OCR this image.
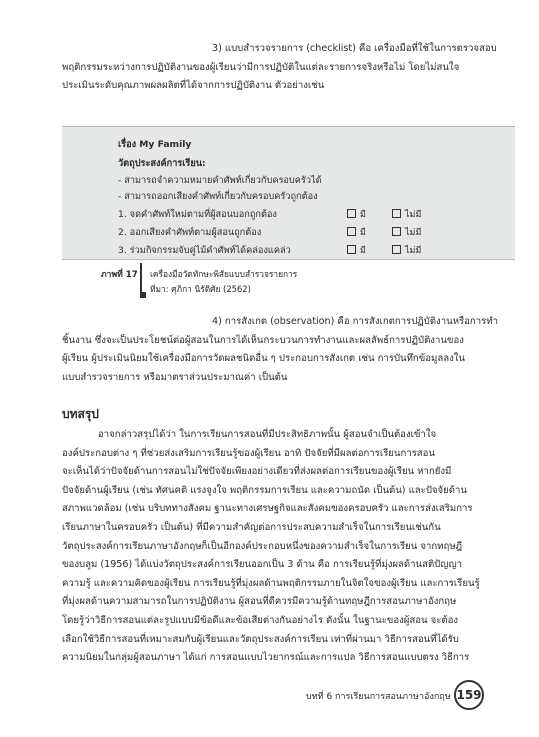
3) แบบสำรวจรายการ (checklist) คือ เครื่องมือที่ใช้ในการตรวจสอบ
พฤติกรรมระหว่างการปฏิบัติงานของผู้เรียนว่ามีการปฏิบัติในแต่ละรายการจริงหรือไม่ โดยไม่สนใจ
ประเมินระดับคุณภาพผลผลิตที่ได้จากการปฏิบัติงาน ตัวอย่างเช่น
เรื่อง My Family
วัตถุประสงค์การเรียน:
- สามารถจำความหมายคำศัพท์เกี่ยวกับครอบครัวได้
- สามารถออกเสียงคำศัพท์เกี่ยวกับครอบครัวถูกต้อง
1. จดคำศัพท์ใหม่ตามที่ผู้สอนบอกถูกต้อง	มี	ไม่มี
2. ออกเสียงคำศัพท์ตามผู้สอนถูกต้อง	มี	ไม่มี
3. ร่วมกิจกรรมจับคู่ไม้คำศัพท์ได้คล่องแคล่ว	มี	ไม่มี
ภาพที่ 17 เครื่องมือวัดทักษะพิสัยแบบสำรวจรายการ
ที่มา: ศุภิกา นิรัติศัย (2562)
4) การสังเกต (observation) คือ การสังเกตการปฏิบัติงานหรือการทำ
ชิ้นงาน ซึ่งจะเป็นประโยชน์ต่อผู้สอนในการได้เห็นกระบวนการทำงานและผลลัพธ์การปฏิบัติงานของ
ผู้เรียน ผู้ประเมินนิยมใช้เครื่องมือการวัดผลชนิดอื่น ๆ ประกอบการสังเกต เช่น การบันทึกข้อมูลลงใน
แบบสำรวจรายการ หรือมาตราส่วนประมาณค่า เป็นต้น
บทสรุป
อาจกล่าวสรุปได้ว่า ในการเรียนการสอนที่มีประสิทธิภาพนั้น ผู้สอนจำเป็นต้องเข้าใจ
องค์ประกอบต่าง ๆ ที่ช่วยส่งเสริมการเรียนรู้ของผู้เรียน อาทิ ปัจจัยที่มีผลต่อการเรียนการสอน
จะเห็นได้ว่าปัจจัยด้านการสอนไม่ใช่ปัจจัยเพียงอย่างเดียวที่ส่งผลต่อการเรียนของผู้เรียน หากยังมี
ปัจจัยด้านผู้เรียน (เช่น ทัศนคติ แรงจูงใจ พฤติกรรมการเรียน และความถนัด เป็นต้น) และปัจจัยด้าน
สภาพแวดล้อม (เช่น บริบททางสังคม ฐานะทางเศรษฐกิจและสังคมของครอบครัว และการส่งเสริมการ
เรียนภาษาในครอบครัว เป็นต้น) ที่มีความสำคัญต่อการประสบความสำเร็จในการเรียนเช่นกัน
วัตถุประสงค์การเรียนภาษาอังกฤษก็เป็นอีกองค์ประกอบหนึ่งของความสำเร็จในการเรียน จากทฤษฎี
ของบลูม (1956) ได้แบ่งวัตถุประสงค์การเรียนออกเป็น 3 ด้าน คือ การเรียนรู้ที่มุ่งผลด้านสติปัญญา
ความรู้ และความคิดของผู้เรียน การเรียนรู้ที่มุ่งผลด้านพฤติกรรมภายในจิตใจของผู้เรียน และการเรียนรู้
ที่มุ่งผลด้านความสามารถในการปฏิบัติงาน ผู้สอนที่ดีควรมีความรู้ด้านทฤษฎีการสอนภาษาอังกฤษ
โดยรู้ว่าวิธีการสอนแต่ละรูปแบบมีข้อดีและข้อเสียต่างกันอย่างไร ดังนั้น ในฐานะของผู้สอน จะต้อง
เลือกใช้วิธีการสอนที่เหมาะสมกับผู้เรียนและวัตถุประสงค์การเรียน เท่าที่ผ่านมา วิธีการสอนที่ได้รับ
ความนิยมในกลุ่มผู้สอนภาษา ได้แก่ การสอนแบบไวยากรณ์และการแปล วิธีการสอนแบบตรง วิธีการ
บทที่ 6 การเรียนการสอนภาษาอังกฤษ 159
